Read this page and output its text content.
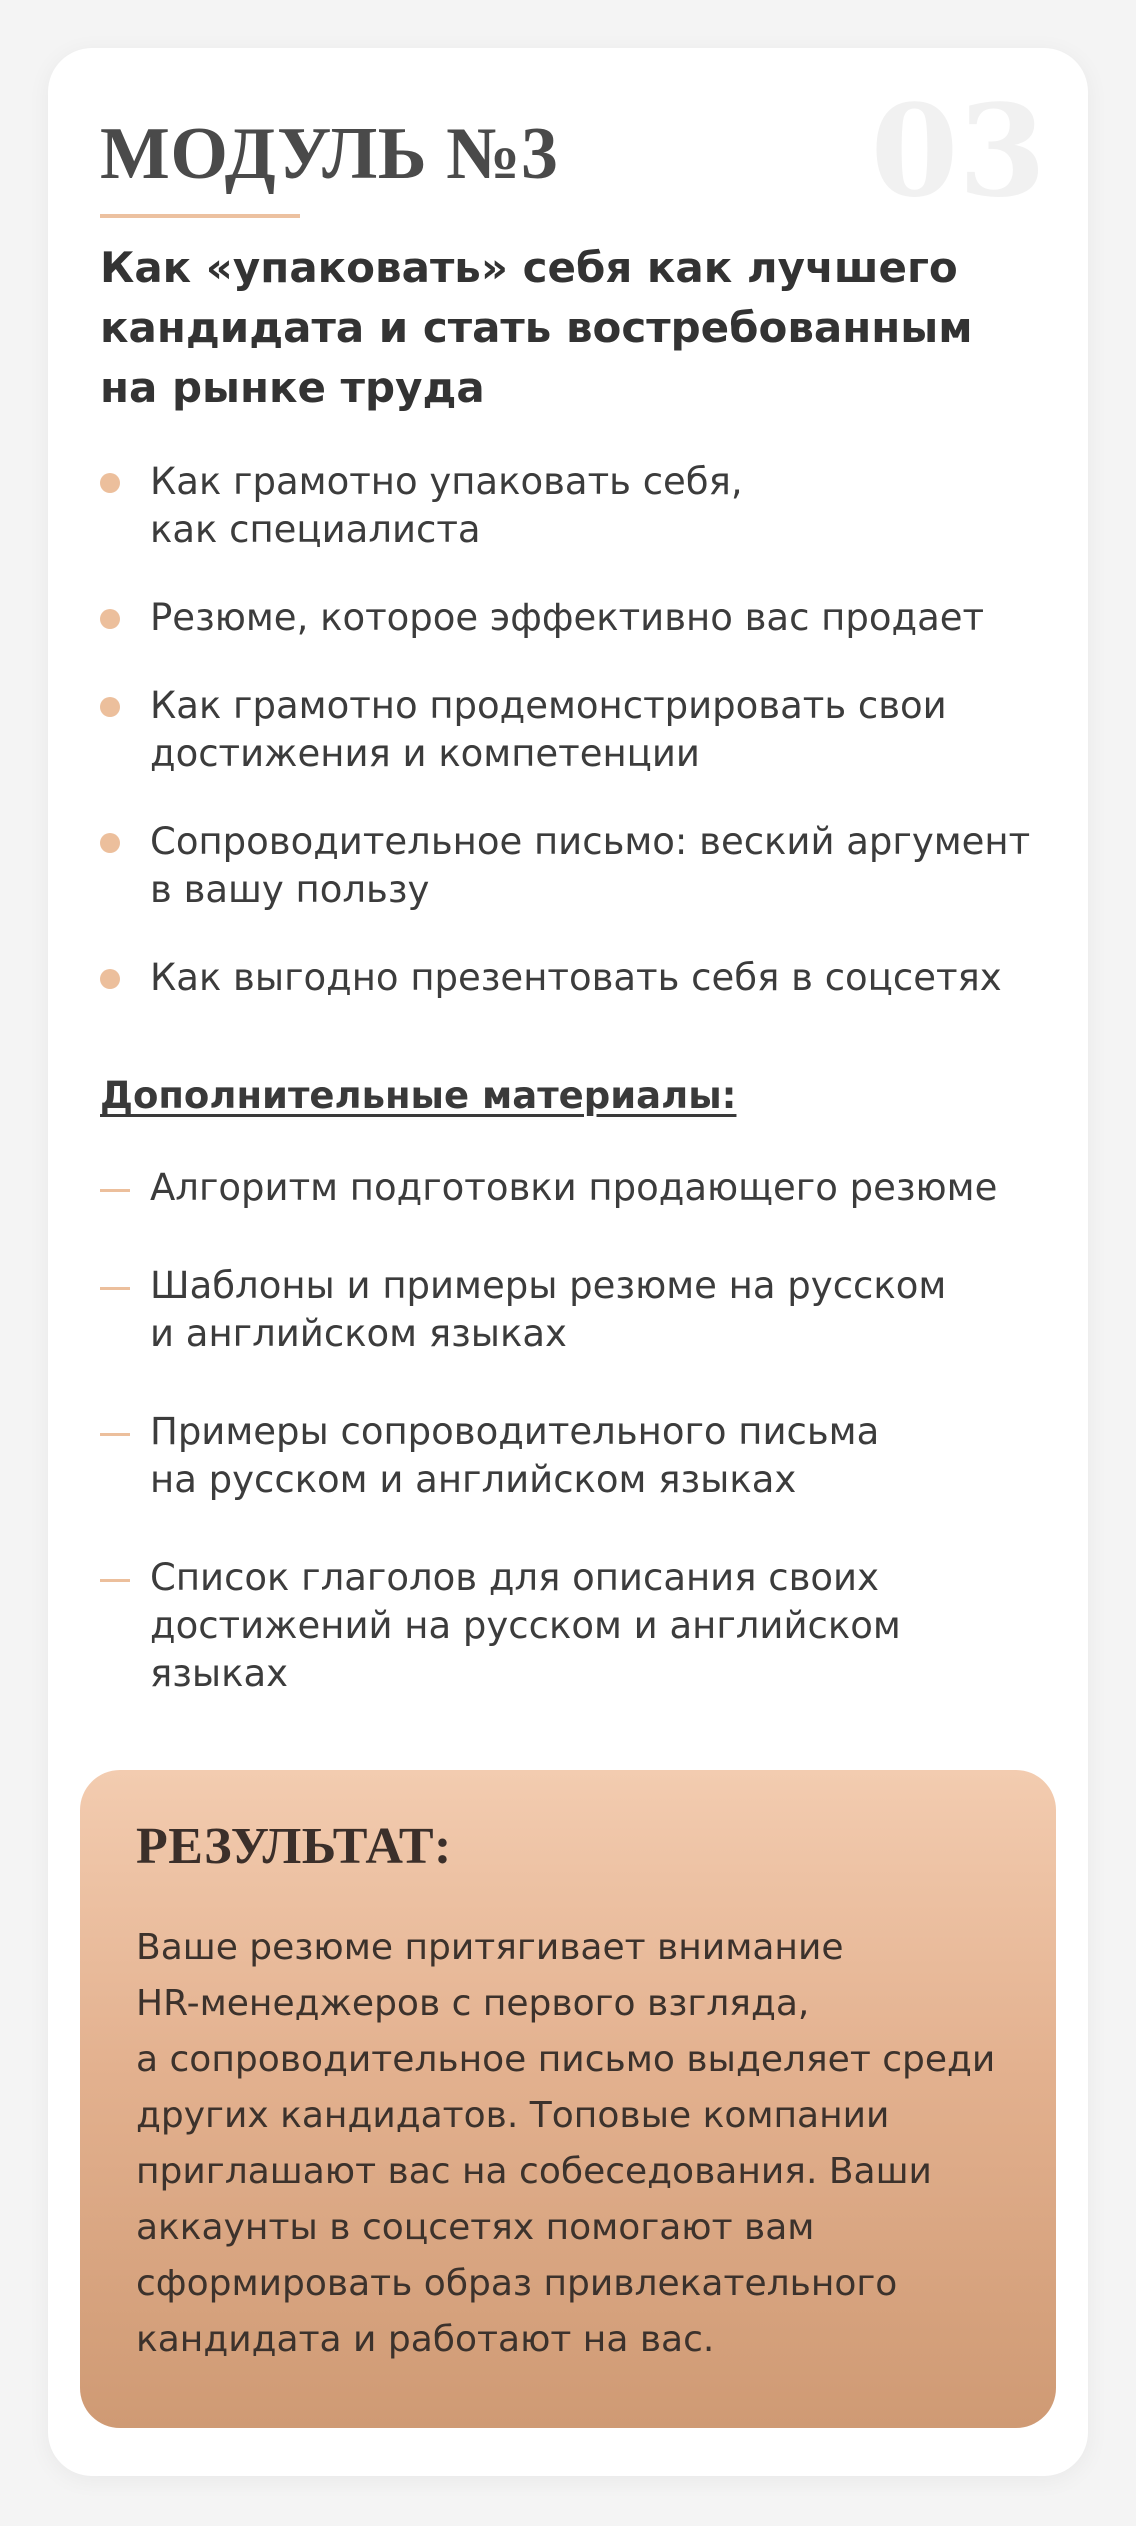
03
МОДУЛЬ №3
Как «упаковать» себя как лучшего кандидата и стать востребованным на рынке труда
Как грамотно упаковать себя,
как специалиста
Резюме, которое эффективно вас продает
Как грамотно продемонстрировать свои
достижения и компетенции
Сопроводительное письмо: веский аргумент
в вашу пользу
Как выгодно презентовать себя в соцсетях
Дополнительные материалы:
Алгоритм подготовки продающего резюме
Шаблоны и примеры резюме на русском
и английском языках
Примеры сопроводительного письма
на русском и английском языках
Список глаголов для описания своих
достижений на русском и английском
языках
РЕЗУЛЬТАТ:

Ваше резюме притягивает внимание
HR-менеджеров с первого взгляда,
а сопроводительное письмо выделяет среди
других кандидатов. Топовые компании
приглашают вас на собеседования. Ваши
аккаунты в соцсетях помогают вам
сформировать образ привлекательного
кандидата и работают на вас.
